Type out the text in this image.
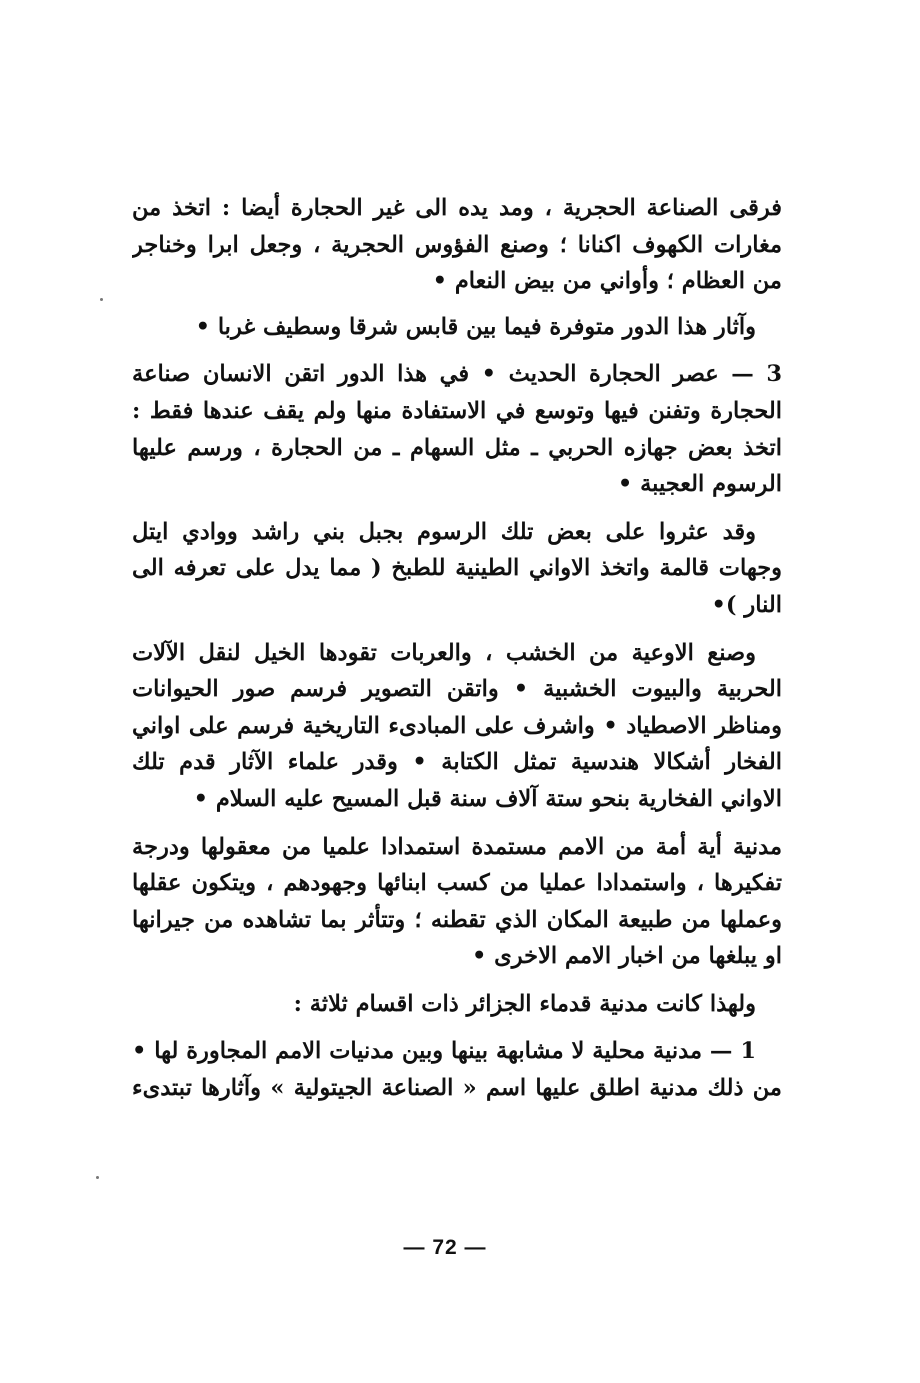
فرقى الصناعة الحجرية ، ومد يده الى غير الحجارة أيضا : اتخذ من
مغارات الكهوف اكنانا ؛ وصنع الفؤوس الحجرية ، وجعل ابرا وخناجر
من العظام ؛ وأواني من بيض النعام •
وآثار هذا الدور متوفرة فيما بين قابس شرقا وسطيف غربا •
3 — عصر الحجارة الحديث • في هذا الدور اتقن الانسان صناعة
الحجارة وتفنن فيها وتوسع في الاستفادة منها ولم يقف عندها فقط :
اتخذ بعض جهازه الحربي ـ مثل السهام ـ من الحجارة ، ورسم عليها
الرسوم العجيبة •
وقد عثروا على بعض تلك الرسوم بجبل بني راشد ووادي ايتل
وجهات قالمة واتخذ الاواني الطينية للطبخ ( مما يدل على تعرفه الى
النار )•
وصنع الاوعية من الخشب ، والعربات تقودها الخيل لنقل الآلات
الحربية والبيوت الخشبية • واتقن التصوير فرسم صور الحيوانات
ومناظر الاصطياد • واشرف على المبادىء التاريخية فرسم على اواني
الفخار أشكالا هندسية تمثل الكتابة • وقدر علماء الآثار قدم تلك
الاواني الفخارية بنحو ستة آلاف سنة قبل المسيح عليه السلام •
مدنية أية أمة من الامم مستمدة استمدادا علميا من معقولها ودرجة
تفكيرها ، واستمدادا عمليا من كسب ابنائها وجهودهم ، ويتكون عقلها
وعملها من طبيعة المكان الذي تقطنه ؛ وتتأثر بما تشاهده من جيرانها
او يبلغها من اخبار الامم الاخرى •
ولهذا كانت مدنية قدماء الجزائر ذات اقسام ثلاثة :
1 — مدنية محلية لا مشابهة بينها وبين مدنيات الامم المجاورة لها •
من ذلك مدنية اطلق عليها اسم « الصناعة الجيتولية » وآثارها تبتدىء
— 72 —
